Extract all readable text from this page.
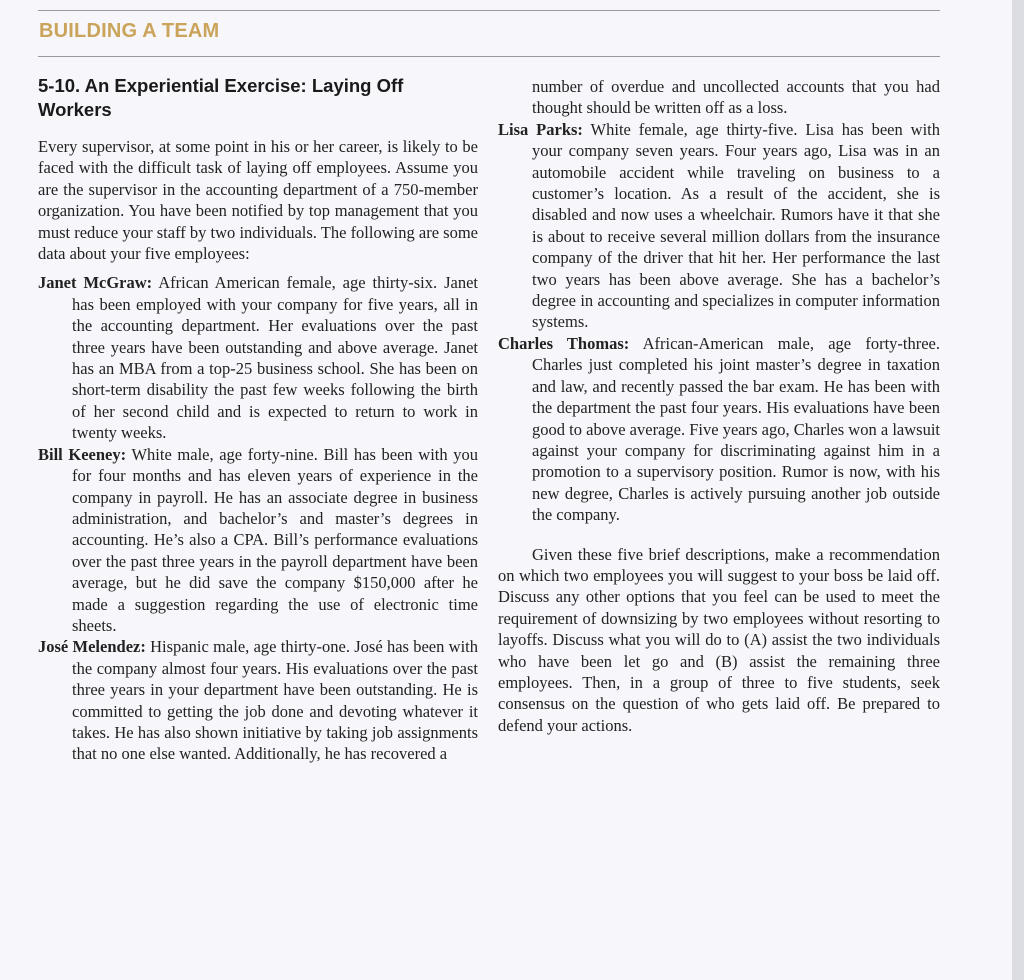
BUILDING A TEAM
5-10. An Experiential Exercise: Laying Off Workers

Every supervisor, at some point in his or her career, is likely to be faced with the difficult task of laying off employees. Assume you are the supervisor in the accounting department of a 750-member organization. You have been notified by top management that you must reduce your staff by two individuals. The following are some data about your five employees:

Janet McGraw: African American female, age thirty-six. Janet has been employed with your company for five years, all in the accounting department. Her evaluations over the past three years have been outstanding and above average. Janet has an MBA from a top-25 business school. She has been on short-term disability the past few weeks following the birth of her second child and is expected to return to work in twenty weeks.

Bill Keeney: White male, age forty-nine. Bill has been with you for four months and has eleven years of experience in the company in payroll. He has an associate degree in business administration, and bachelor’s and master’s degrees in accounting. He’s also a CPA. Bill’s performance evaluations over the past three years in the payroll department have been average, but he did save the company $150,000 after he made a suggestion regarding the use of electronic time sheets.

José Melendez: Hispanic male, age thirty-one. José has been with the company almost four years. His evaluations over the past three years in your department have been outstanding. He is committed to getting the job done and devoting whatever it takes. He has also shown initiative by taking job assignments that no one else wanted. Additionally, he has recovered a

number of overdue and uncollected accounts that you had thought should be written off as a loss.

Lisa Parks: White female, age thirty-five. Lisa has been with your company seven years. Four years ago, Lisa was in an automobile accident while traveling on business to a customer’s location. As a result of the accident, she is disabled and now uses a wheelchair. Rumors have it that she is about to receive several million dollars from the insurance company of the driver that hit her. Her performance the last two years has been above average. She has a bachelor’s degree in accounting and specializes in computer information systems.

Charles Thomas: African-American male, age forty-three. Charles just completed his joint master’s degree in taxation and law, and recently passed the bar exam. He has been with the department the past four years. His evaluations have been good to above average. Five years ago, Charles won a lawsuit against your company for discriminating against him in a promotion to a supervisory position. Rumor is now, with his new degree, Charles is actively pursuing another job outside the company.

Given these five brief descriptions, make a recommendation on which two employees you will suggest to your boss be laid off. Discuss any other options that you feel can be used to meet the requirement of downsizing by two employees without resorting to layoffs. Discuss what you will do to (A) assist the two individuals who have been let go and (B) assist the remaining three employees. Then, in a group of three to five students, seek consensus on the question of who gets laid off. Be prepared to defend your actions.
